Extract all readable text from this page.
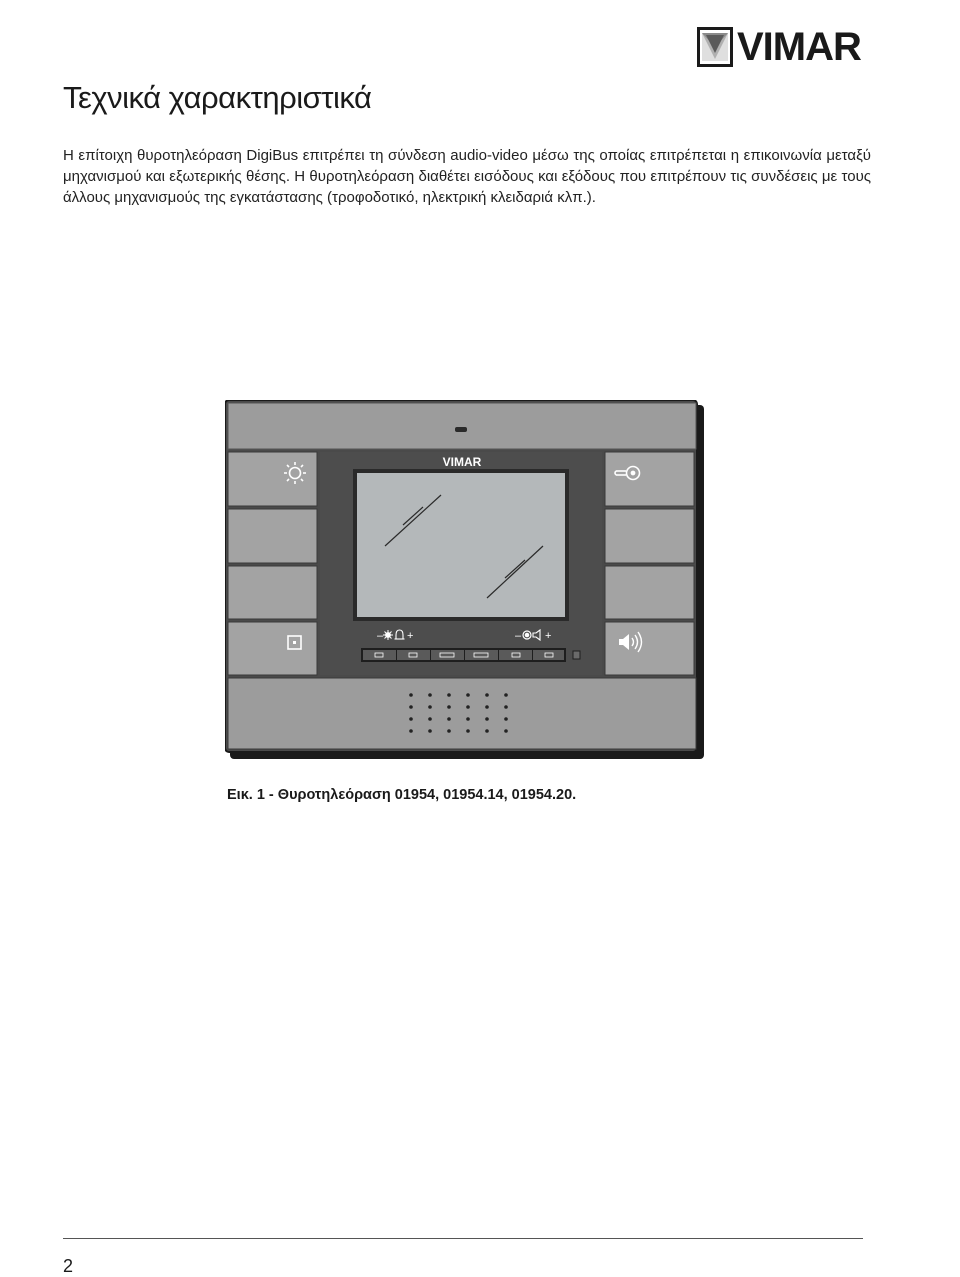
VIMAR
Τεχνικά χαρακτηριστικά

Η επίτοιχη θυροτηλεόραση DigiBus επιτρέπει τη σύνδεση audio-video μέσω της οποίας επιτρέπεται η επικοινωνία μεταξύ μηχανισμού και εξωτερικής θέσης. Η θυροτηλεόραση διαθέτει εισόδους και εξόδους που επιτρέπουν τις συνδέσεις με τους άλλους μηχανισμούς της εγκατάστασης (τροφοδοτικό, ηλεκτρική κλειδαριά κλπ.).

VIMAR
– +	– +

Εικ. 1 - Θυροτηλεόραση 01954, 01954.14, 01954.20.

2
